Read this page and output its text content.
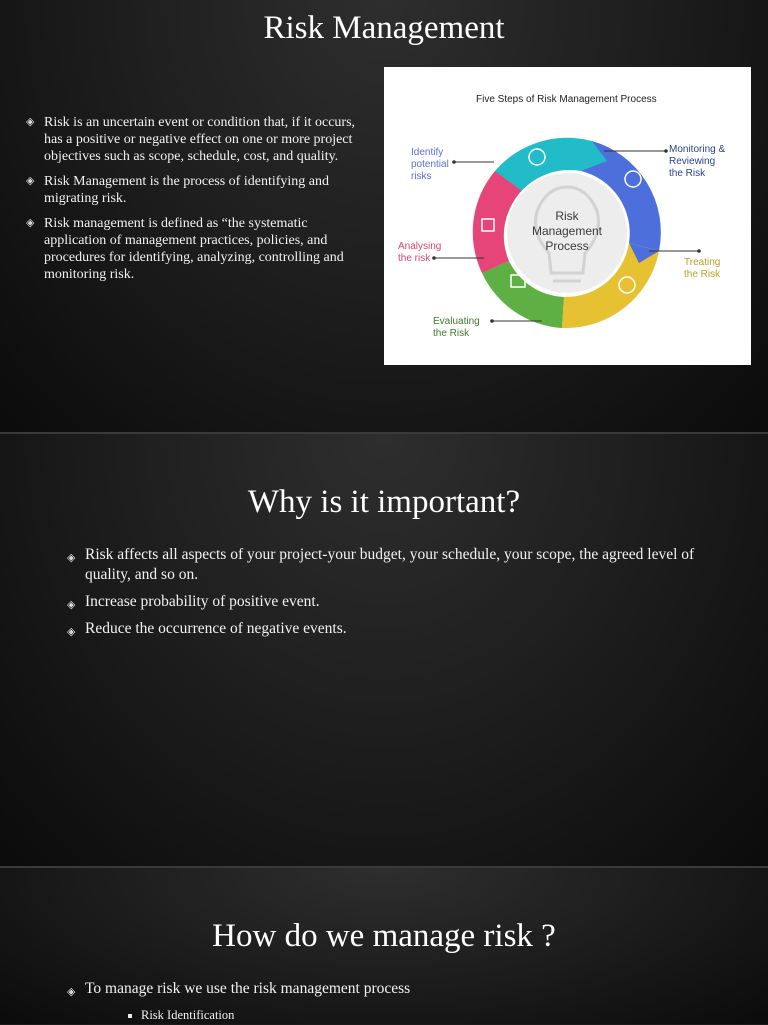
Risk Management
◈ Risk is an uncertain event or condition that, if it occurs, has a positive or negative effect on one or more project objectives such as scope, schedule, cost, and quality.
◈ Risk Management is the process of identifying and migrating risk.
◈ Risk management is defined as “the systematic application of management practices, policies, and procedures for identifying, analyzing, controlling and monitoring risk.
Five Steps of Risk Management Process
Risk
Management
Process
Identify
potential
risks
Monitoring &
Reviewing
the Risk
Treating
the Risk
Evaluating
the Risk
Analysing
the risk
Why is it important?
◈ Risk affects all aspects of your project-your budget, your schedule, your scope, the agreed level of quality, and so on.
◈ Increase probability of positive event.
◈ Reduce the occurrence of negative events.
How do we manage risk ?
◈ To manage risk we use the risk management process
Risk Identification
